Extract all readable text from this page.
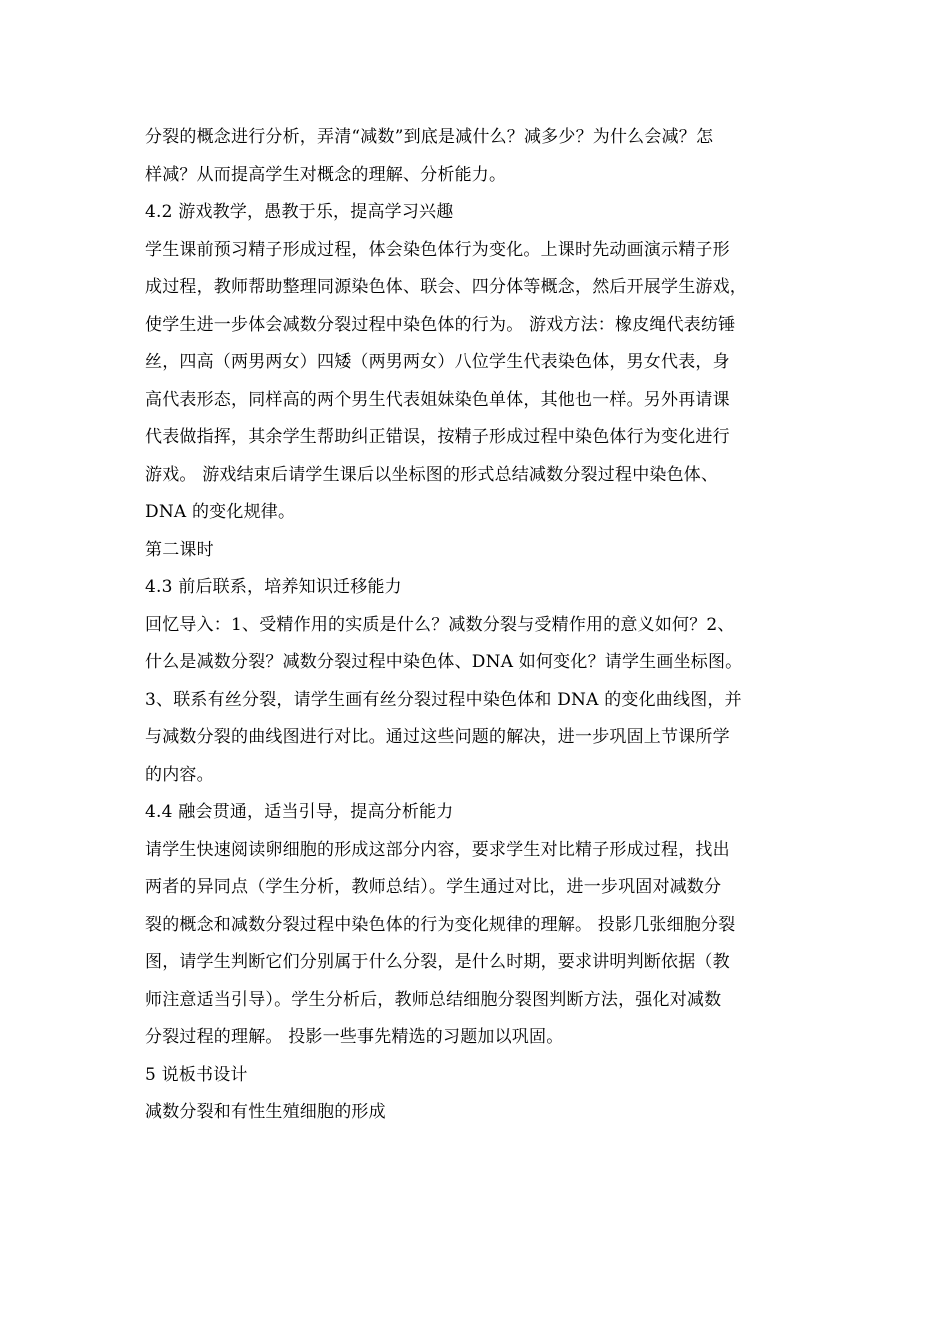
分裂的概念进行分析，弄清“减数”到底是减什么？减多少？为什么会减？怎
样减？从而提高学生对概念的理解、分析能力。
4.2 游戏教学，愚教于乐，提高学习兴趣
学生课前预习精子形成过程，体会染色体行为变化。上课时先动画演示精子形
成过程，教师帮助整理同源染色体、联会、四分体等概念，然后开展学生游戏，
使学生进一步体会减数分裂过程中染色体的行为。 游戏方法：橡皮绳代表纺锤
丝，四高（两男两女）四矮（两男两女）八位学生代表染色体，男女代表，身
高代表形态，同样高的两个男生代表姐妹染色单体，其他也一样。另外再请课
代表做指挥，其余学生帮助纠正错误，按精子形成过程中染色体行为变化进行
游戏。 游戏结束后请学生课后以坐标图的形式总结减数分裂过程中染色体、
DNA 的变化规律。
第二课时
4.3 前后联系，培养知识迁移能力
回忆导入：1、受精作用的实质是什么？减数分裂与受精作用的意义如何？2、
什么是减数分裂？减数分裂过程中染色体、DNA 如何变化？请学生画坐标图。
3、联系有丝分裂，请学生画有丝分裂过程中染色体和 DNA 的变化曲线图，并
与减数分裂的曲线图进行对比。通过这些问题的解决，进一步巩固上节课所学
的内容。
4.4 融会贯通，适当引导，提高分析能力
请学生快速阅读卵细胞的形成这部分内容，要求学生对比精子形成过程，找出
两者的异同点（学生分析，教师总结）。学生通过对比，进一步巩固对减数分
裂的概念和减数分裂过程中染色体的行为变化规律的理解。 投影几张细胞分裂
图，请学生判断它们分别属于什么分裂，是什么时期，要求讲明判断依据（教
师注意适当引导）。学生分析后，教师总结细胞分裂图判断方法，强化对减数
分裂过程的理解。 投影一些事先精选的习题加以巩固。
5 说板书设计
减数分裂和有性生殖细胞的形成
